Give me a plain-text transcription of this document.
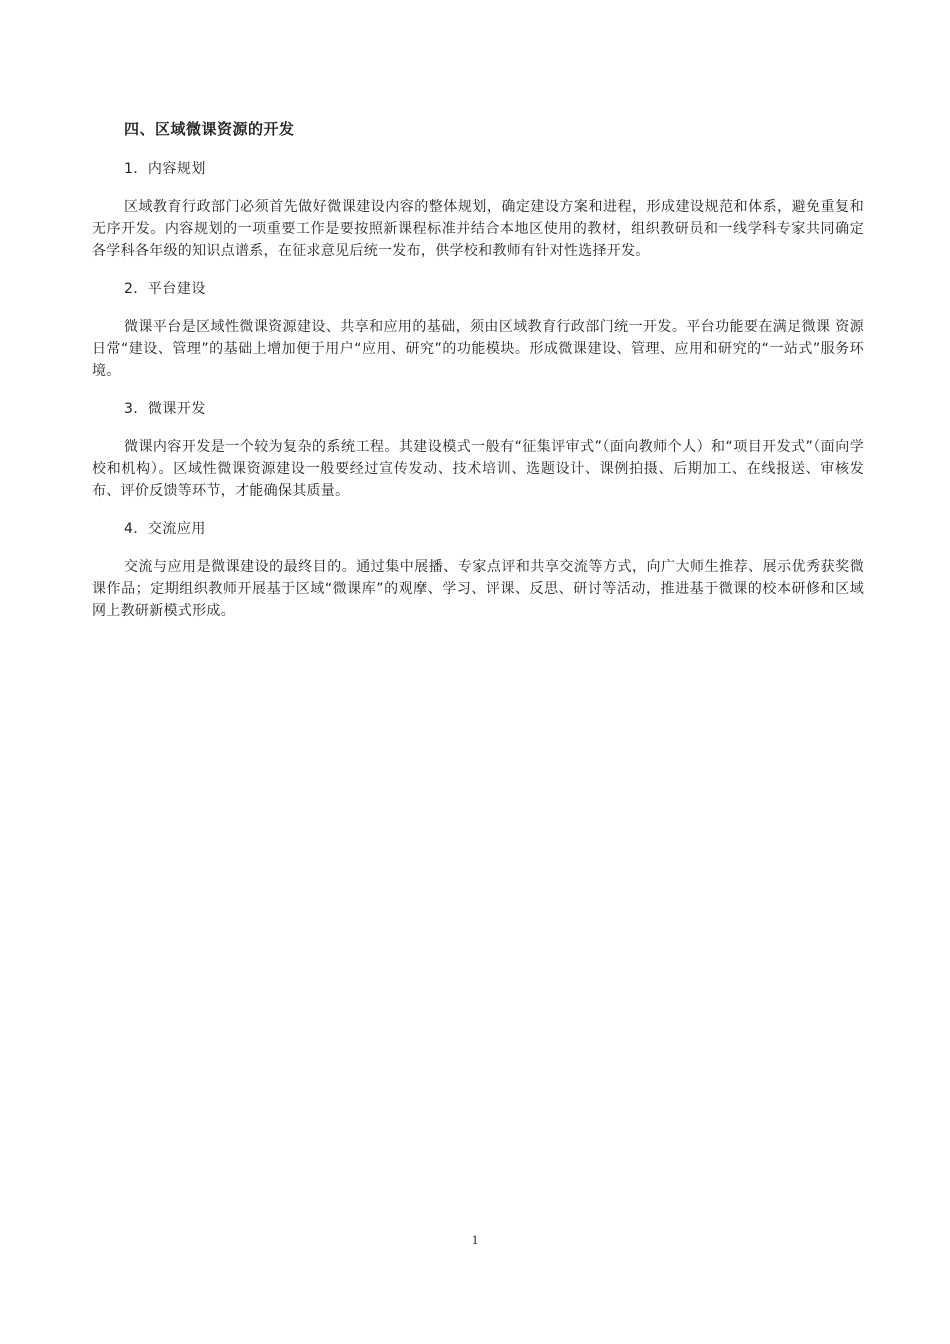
四、区域微课资源的开发
1．内容规划

区域教育行政部门必须首先做好微课建设内容的整体规划，确定建设方案和进程，形成建设规范和体系，避免重复和无序开发。内容规划的一项重要工作是要按照新课程标准并结合本地区使用的教材，组织教研员和一线学科专家共同确定各学科各年级的知识点谱系，在征求意见后统一发布，供学校和教师有针对性选择开发。

2．平台建设

微课平台是区域性微课资源建设、共享和应用的基础，须由区域教育行政部门统一开发。平台功能要在满足微课 资源日常“建设、管理”的基础上增加便于用户“应用、研究”的功能模块。形成微课建设、管理、应用和研究的“一站式”服务环境。

3．微课开发

微课内容开发是一个较为复杂的系统工程。其建设模式一般有“征集评审式”（面向教师个人）和“项目开发式”（面向学校和机构）。区域性微课资源建设一般要经过宣传发动、技术培训、选题设计、课例拍摄、后期加工、在线报送、审核发布、评价反馈等环节，才能确保其质量。

4．交流应用

交流与应用是微课建设的最终目的。通过集中展播、专家点评和共享交流等方式，向广大师生推荐、展示优秀获奖微课作品；定期组织教师开展基于区域“微课库”的观摩、学习、评课、反思、研讨等活动，推进基于微课的校本研修和区域网上教研新模式形成。

1
